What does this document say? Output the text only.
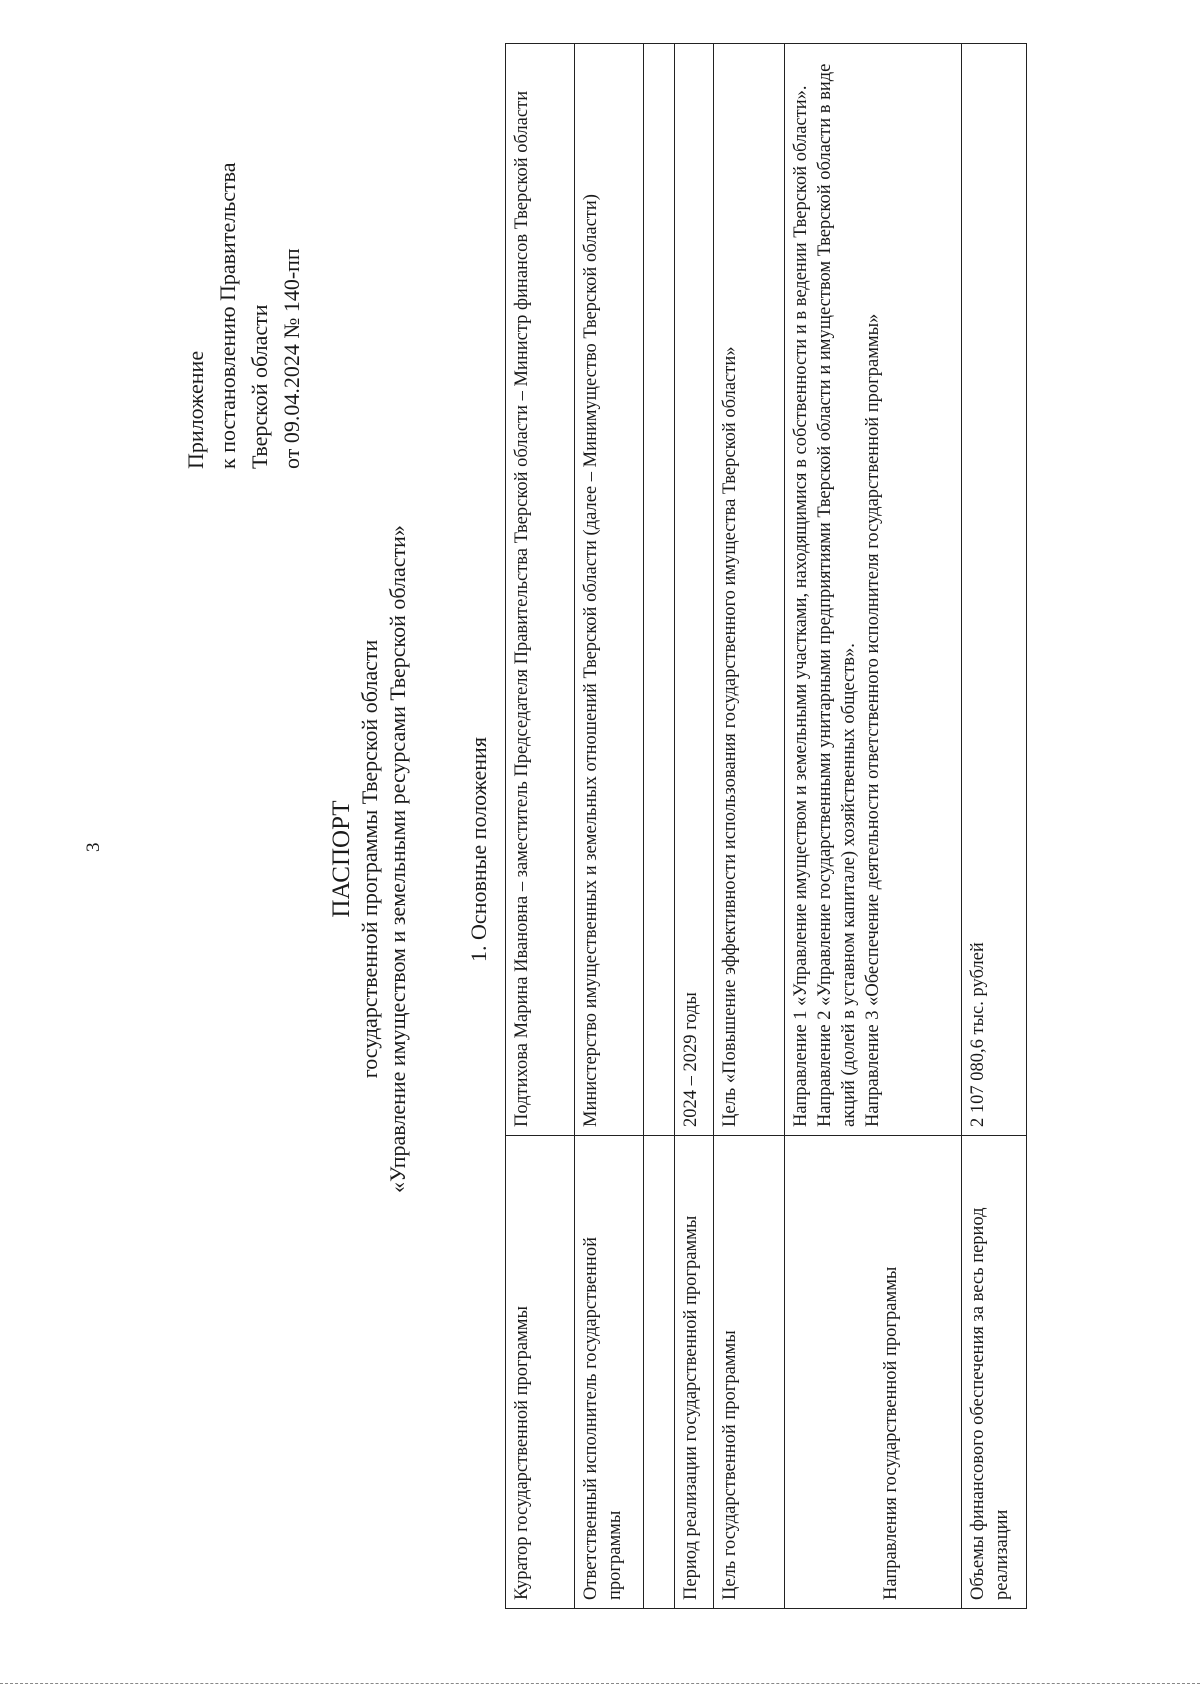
3
Приложение к постановлению Правительства Тверской области от 09.04.2024 № 140-пп
ПАСПОРТ государственной программы Тверской области «Управление имуществом и земельными ресурсами Тверской области»	1. Основные положения
Куратор государственной программы	Подтихова Марина Ивановна – заместитель Председателя Правительства Тверской области – Министр финансов Тверской области
Ответственный исполнитель государственной программы	Министерство имущественных и земельных отношений Тверской области (далее – Минимущество Тверской области)

Период реализации государственной программы	2024 – 2029 годы
Цель государственной программы	Цель «Повышение эффективности использования государственного имущества Тверской области»
Направления государственной программы	Направление 1 «Управление имуществом и земельными участками, находящимися в собственности и в ведении Тверской области». Направление 2 «Управление государственными унитарными предприятиями Тверской области и имуществом Тверской области в виде акций (долей в уставном капитале) хозяйственных обществ». Направление 3 «Обеспечение деятельности ответственного исполнителя государственной программы»

Объемы финансового обеспечения за весь период реализации	2 107 080,6 тыс. рублей
